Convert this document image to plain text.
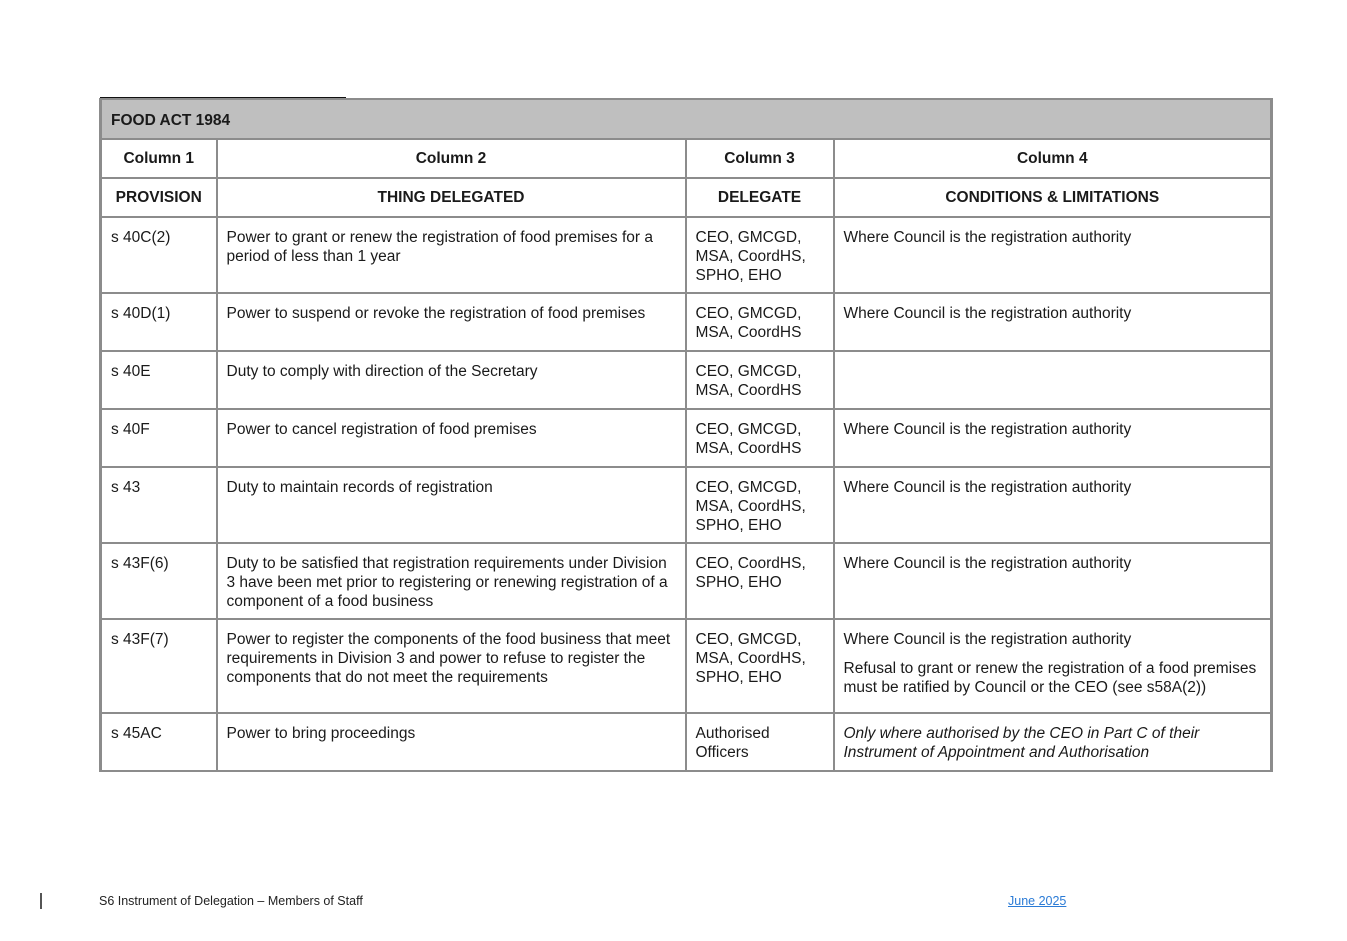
FOOD ACT 1984			

Column 1	Column 2	Column 3	Column 4
PROVISION	THING DELEGATED	DELEGATE	CONDITIONS & LIMITATIONS
s 40C(2)	Power to grant or renew the registration of food premises for a period of less than 1 year	CEO, GMCGD, MSA, CoordHS, SPHO, EHO	Where Council is the registration authority

s 40D(1)	Power to suspend or revoke the registration of food premises	CEO, GMCGD, MSA, CoordHS	Where Council is the registration authority

s 40E	Duty to comply with direction of the Secretary	CEO, GMCGD, MSA, CoordHS	

s 40F	Power to cancel registration of food premises	CEO, GMCGD, MSA, CoordHS	Where Council is the registration authority

s 43	Duty to maintain records of registration	CEO, GMCGD, MSA, CoordHS, SPHO, EHO	Where Council is the registration authority

s 43F(6)	Duty to be satisfied that registration requirements under Division 3 have been met prior to registering or renewing registration of a component of a food business	CEO, CoordHS, SPHO, EHO	Where Council is the registration authority

s 43F(7)	Power to register the components of the food business that meet requirements in Division 3 and power to refuse to register the components that do not meet the requirements	CEO, GMCGD, MSA, CoordHS, SPHO, EHO	Where Council is the registration authority
Refusal to grant or renew the registration of a food premises must be ratified by Council or the CEO (see s58A(2))

s 45AC	Power to bring proceedings	Authorised Officers	Only where authorised by the CEO in Part C of their Instrument of Appointment and Authorisation
S6 Instrument of Delegation – Members of Staff	June 2025
